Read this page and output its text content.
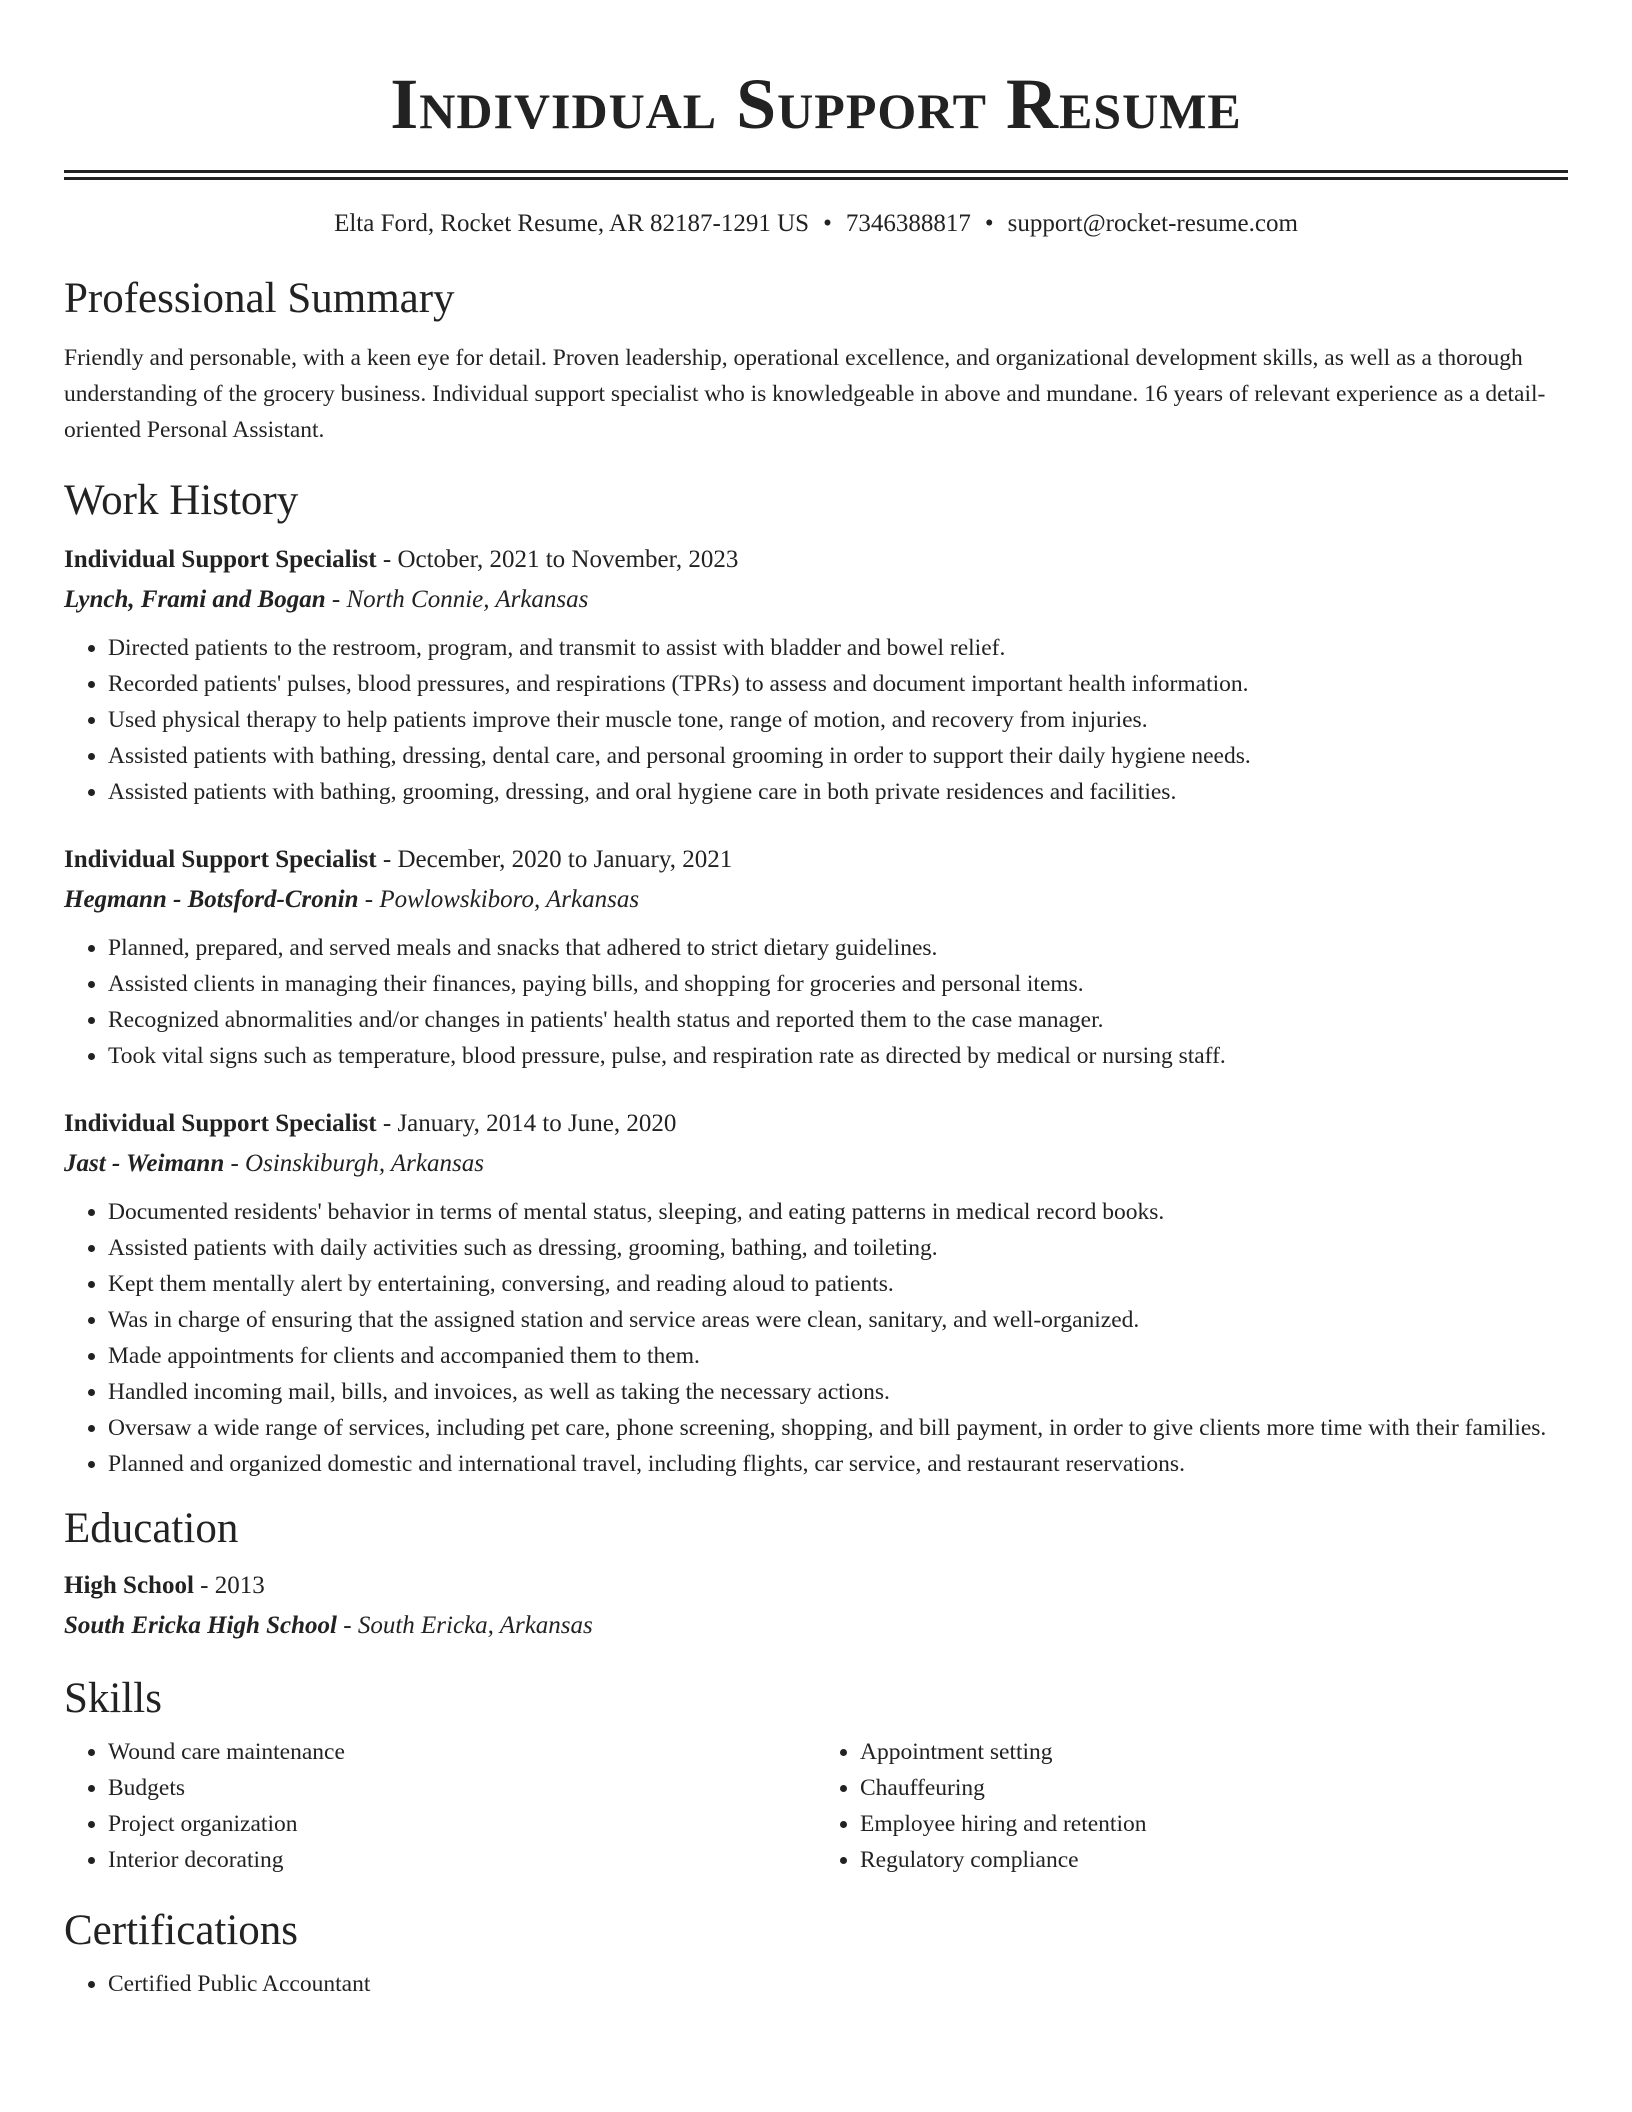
Individual Support Resume
Elta Ford, Rocket Resume, AR 82187-1291 US • 7346388817 • support@rocket-resume.com
Professional Summary
Friendly and personable, with a keen eye for detail. Proven leadership, operational excellence, and organizational development skills, as well as a thorough understanding of the grocery business. Individual support specialist who is knowledgeable in above and mundane. 16 years of relevant experience as a detail-oriented Personal Assistant.
Work History
Individual Support Specialist - October, 2021 to November, 2023
Lynch, Frami and Bogan - North Connie, Arkansas
• Directed patients to the restroom, program, and transmit to assist with bladder and bowel relief.
• Recorded patients' pulses, blood pressures, and respirations (TPRs) to assess and document important health information.
• Used physical therapy to help patients improve their muscle tone, range of motion, and recovery from injuries.
• Assisted patients with bathing, dressing, dental care, and personal grooming in order to support their daily hygiene needs.
• Assisted patients with bathing, grooming, dressing, and oral hygiene care in both private residences and facilities.
Individual Support Specialist - December, 2020 to January, 2021
Hegmann - Botsford-Cronin - Powlowskiboro, Arkansas
• Planned, prepared, and served meals and snacks that adhered to strict dietary guidelines.
• Assisted clients in managing their finances, paying bills, and shopping for groceries and personal items.
• Recognized abnormalities and/or changes in patients' health status and reported them to the case manager.
• Took vital signs such as temperature, blood pressure, pulse, and respiration rate as directed by medical or nursing staff.
Individual Support Specialist - January, 2014 to June, 2020
Jast - Weimann - Osinskiburgh, Arkansas
• Documented residents' behavior in terms of mental status, sleeping, and eating patterns in medical record books.
• Assisted patients with daily activities such as dressing, grooming, bathing, and toileting.
• Kept them mentally alert by entertaining, conversing, and reading aloud to patients.
• Was in charge of ensuring that the assigned station and service areas were clean, sanitary, and well-organized.
• Made appointments for clients and accompanied them to them.
• Handled incoming mail, bills, and invoices, as well as taking the necessary actions.
• Oversaw a wide range of services, including pet care, phone screening, shopping, and bill payment, in order to give clients more time with their families.
• Planned and organized domestic and international travel, including flights, car service, and restaurant reservations.
Education
High School - 2013
South Ericka High School - South Ericka, Arkansas
Skills
• Wound care maintenance
• Budgets
• Project organization
• Interior decorating
• Appointment setting
• Chauffeuring
• Employee hiring and retention
• Regulatory compliance
Certifications
• Certified Public Accountant
